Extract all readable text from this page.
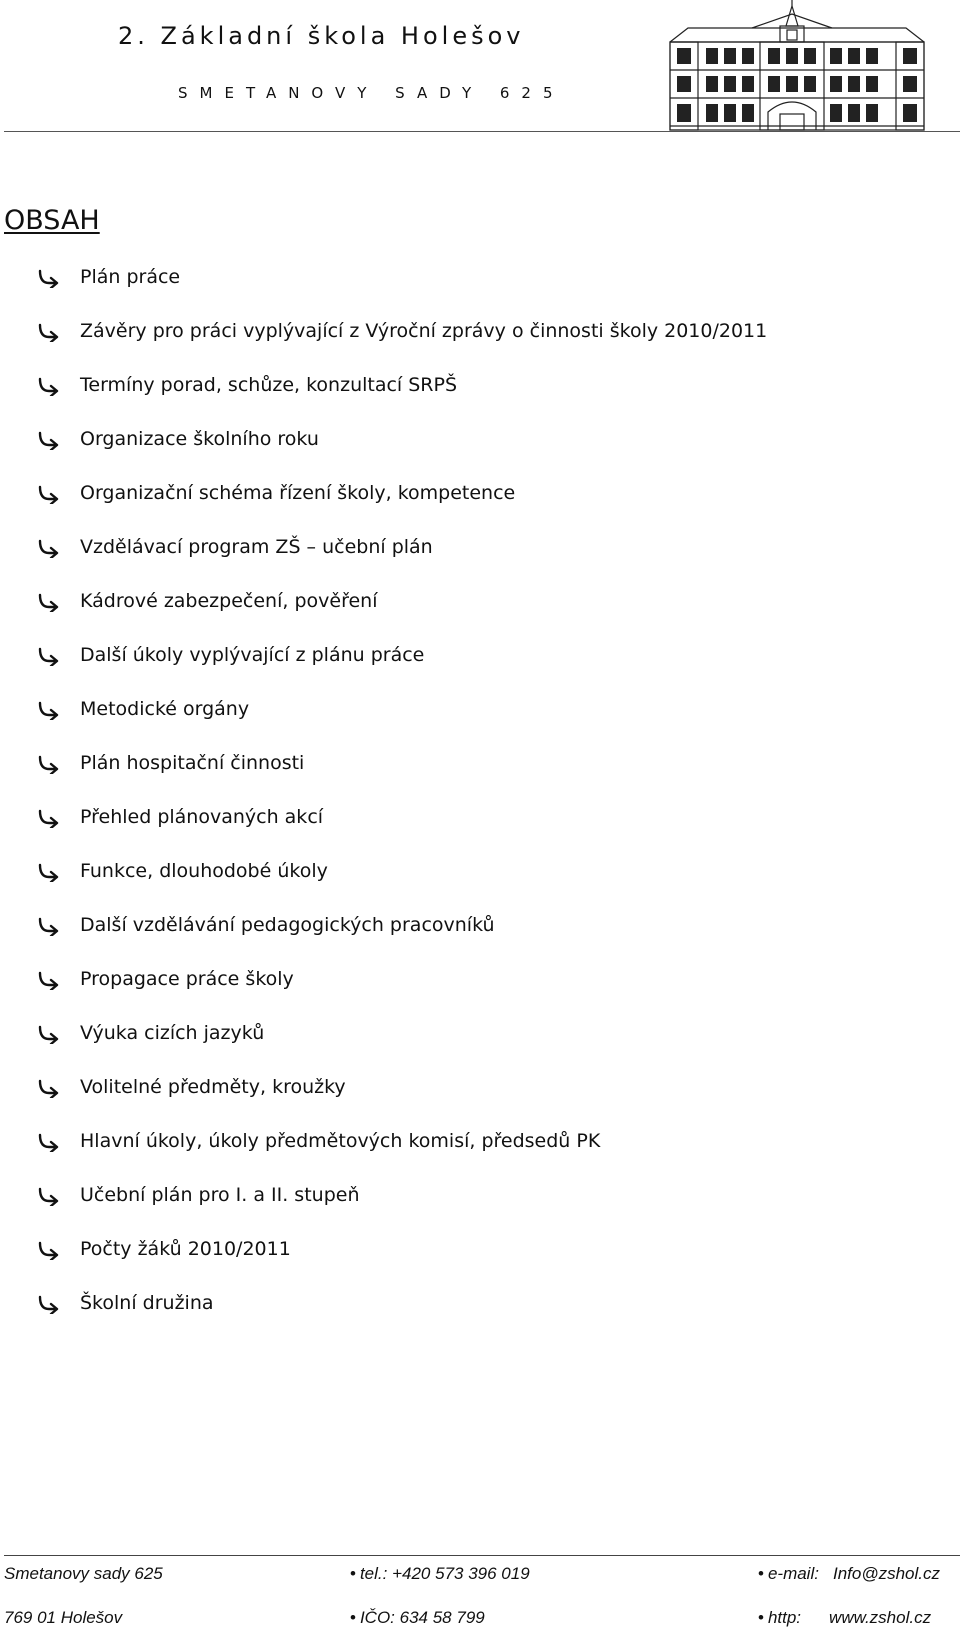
2. Základní škola Holešov
SMETANOVY SADY 625
OBSAH
Plán práce
Závěry pro práci vyplývající z Výroční zprávy o činnosti školy 2010/2011
Termíny porad, schůze, konzultací SRPŠ
Organizace školního roku
Organizační schéma řízení školy, kompetence
Vzdělávací program ZŠ – učební plán
Kádrové zabezpečení, pověření
Další úkoly vyplývající z plánu práce
Metodické orgány
Plán hospitační činnosti
Přehled plánovaných akcí
Funkce, dlouhodobé úkoly
Další vzdělávání pedagogických pracovníků
Propagace práce školy
Výuka cizích jazyků
Volitelné předměty, kroužky
Hlavní úkoly, úkoly předmětových komisí, předsedů PK
Učební plán pro I. a II. stupeň
Počty žáků 2010/2011
Školní družina
Smetanovy sady 625
769 01 Holešov
• tel.: +420 573 396 019
• IČO: 634 58 799
• e-mail: Info@zshol.cz
• http: www.zshol.cz
